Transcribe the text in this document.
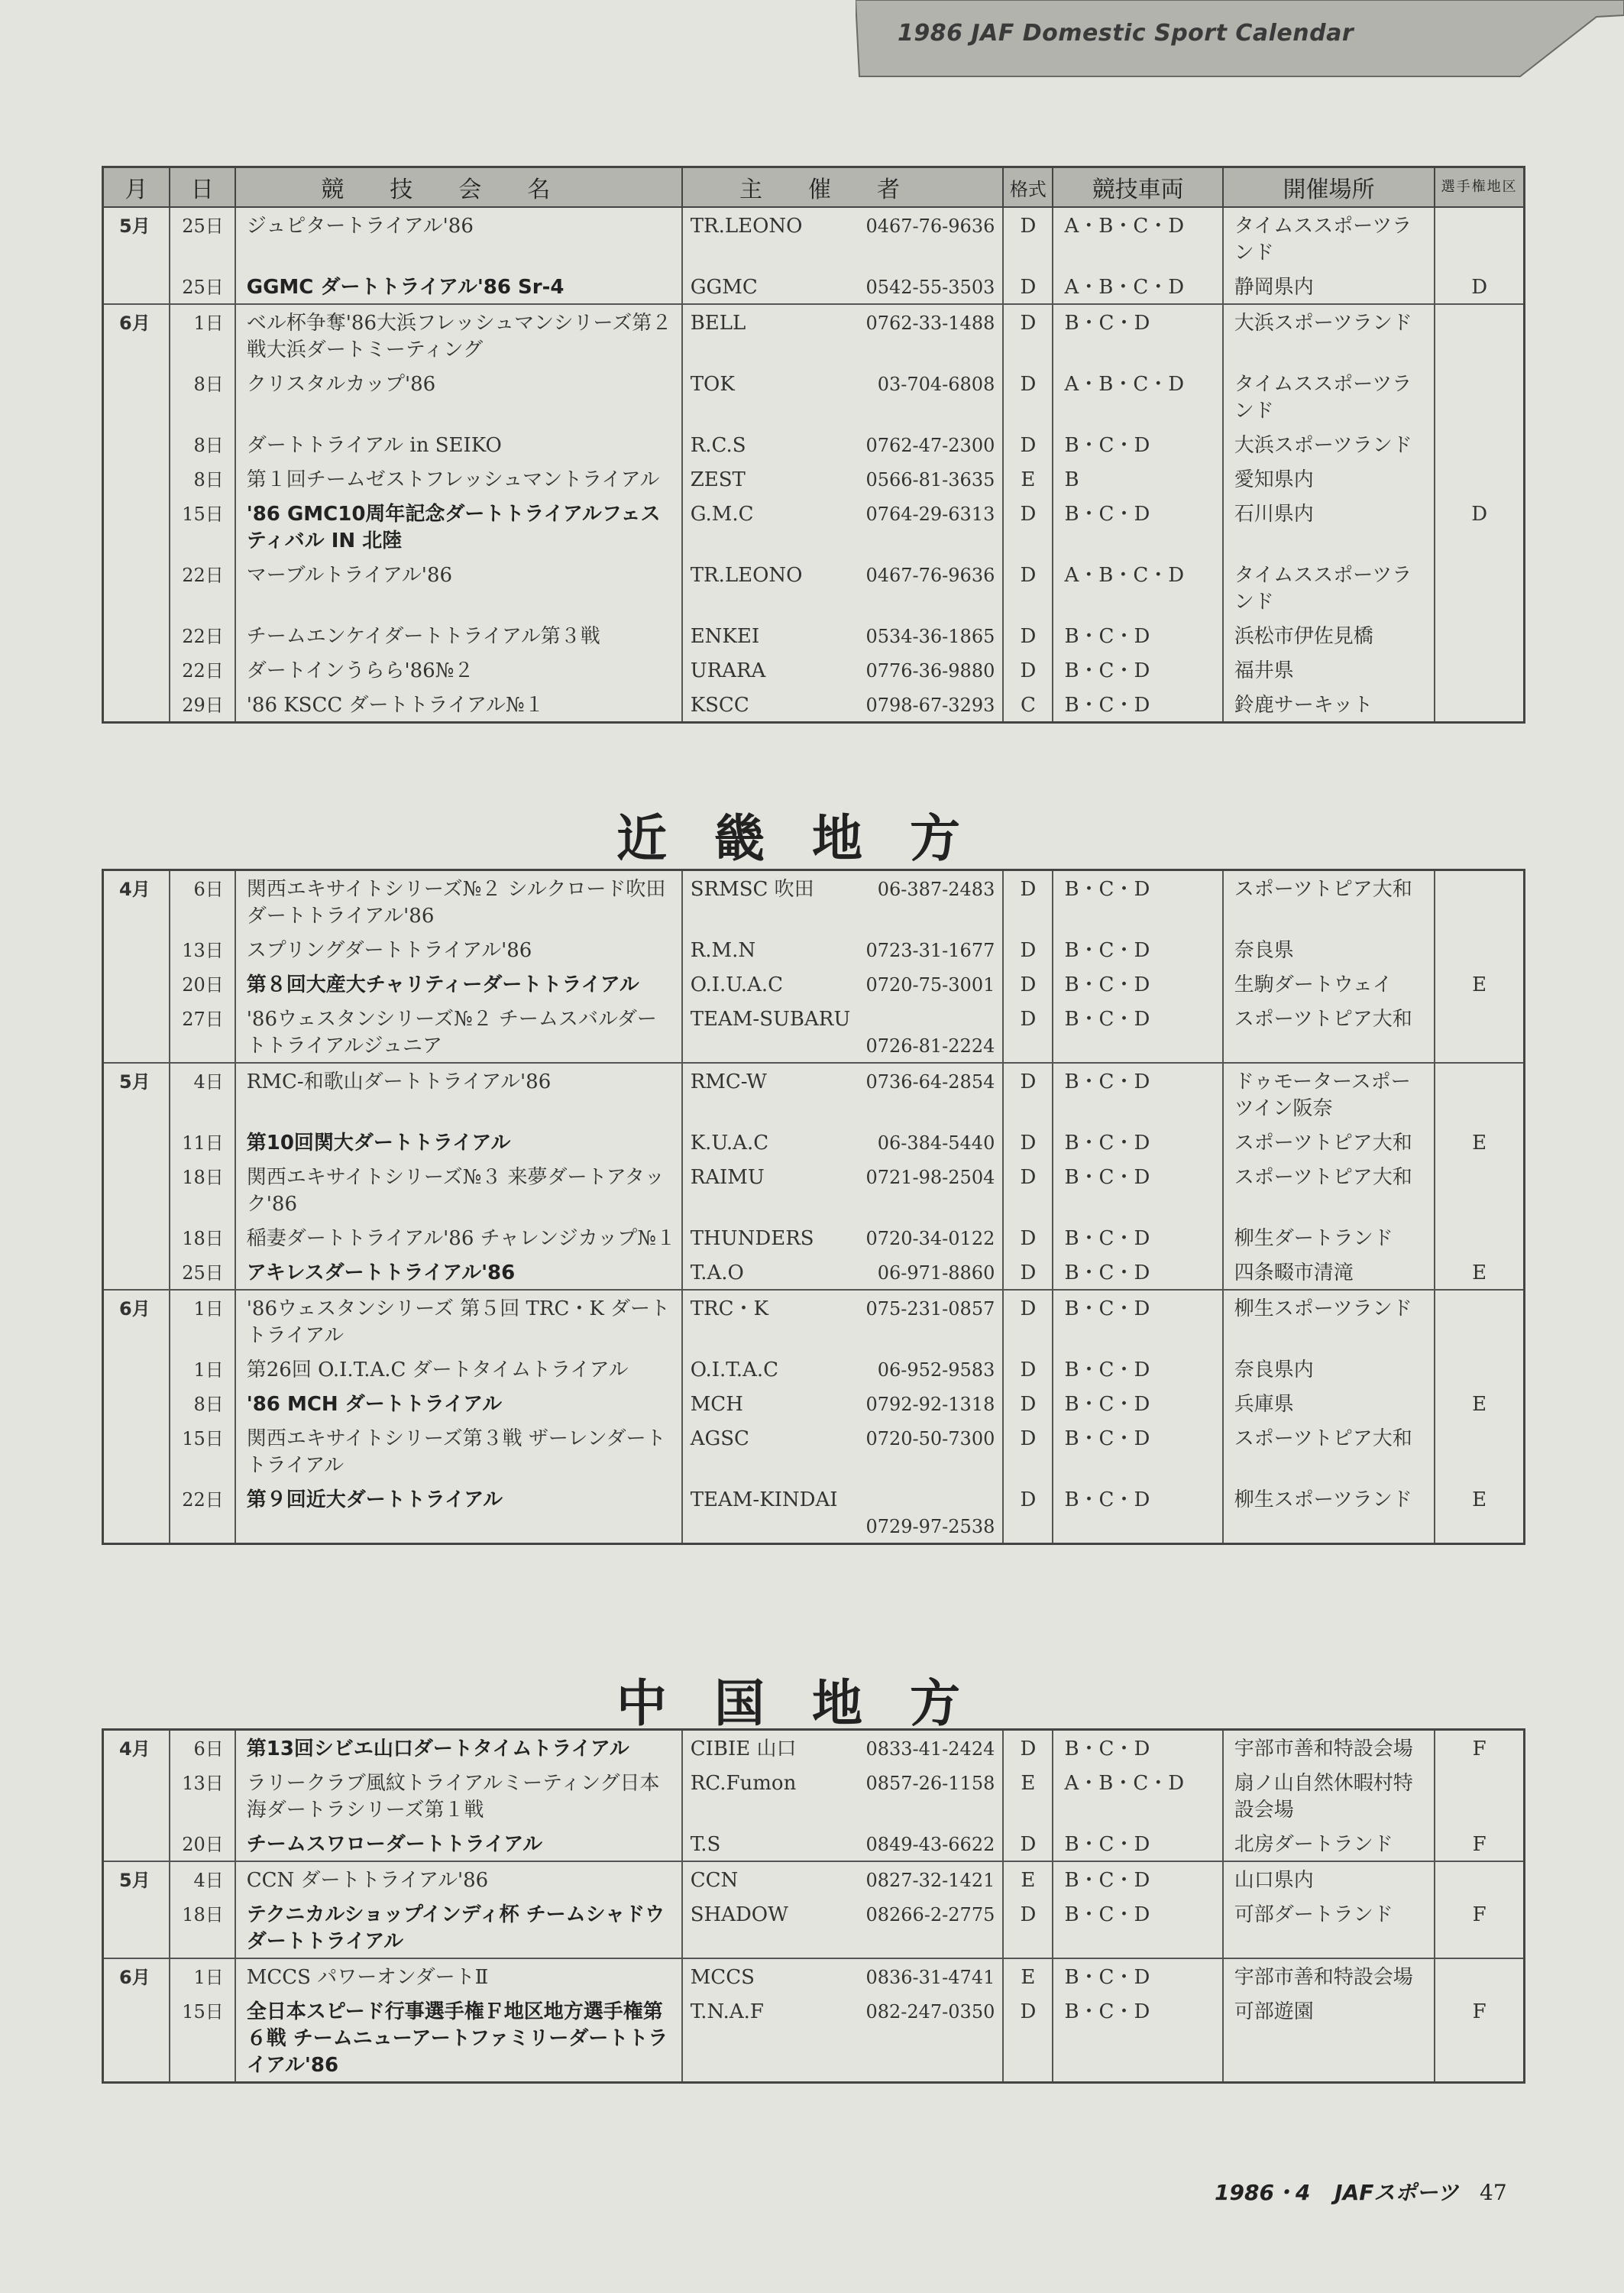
1986 JAF Domestic Sport Calendar
月	日	競技会名	主催者	格式	競技車両	開催場所	選手権地区
5月	25日	ジュピタートライアル'86	TR.LEONO 0467-76-9636	D	A・B・C・D	タイムススポーツランド	
	25日	GGMC ダートトライアル'86 Sr-4	GGMC 0542-55-3503	D	A・B・C・D	静岡県内	D
6月	1日	ベル杯争奪'86大浜フレッシュマンシリーズ第２戦大浜ダートミーティング	BELL 0762-33-1488	D	B・C・D	大浜スポーツランド	
	8日	クリスタルカップ'86	TOK 03-704-6808	D	A・B・C・D	タイムススポーツランド	
	8日	ダートトライアル in SEIKO	R.C.S 0762-47-2300	D	B・C・D	大浜スポーツランド	
	8日	第１回チームゼストフレッシュマントライアル	ZEST 0566-81-3635	E	B	愛知県内	
	15日	'86 GMC10周年記念ダートトライアルフェスティバル IN 北陸	G.M.C 0764-29-6313	D	B・C・D	石川県内	D
	22日	マーブルトライアル'86	TR.LEONO 0467-76-9636	D	A・B・C・D	タイムススポーツランド	
	22日	チームエンケイダートトライアル第３戦	ENKEI 0534-36-1865	D	B・C・D	浜松市伊佐見橋	
	22日	ダートインうらら'86№２	URARA 0776-36-9880	D	B・C・D	福井県	
	29日	'86 KSCC ダートトライアル№１	KSCC 0798-67-3293	C	B・C・D	鈴鹿サーキット	
近畿地方
4月	6日	関西エキサイトシリーズ№２ シルクロード吹田ダートトライアル'86	SRMSC 吹田 06-387-2483	D	B・C・D	スポーツトピア大和	
	13日	スプリングダートトライアル'86	R.M.N 0723-31-1677	D	B・C・D	奈良県	
	20日	第８回大産大チャリティーダートトライアル	O.I.U.A.C 0720-75-3001	D	B・C・D	生駒ダートウェイ	E
	27日	'86ウェスタンシリーズ№２ チームスバルダートトライアルジュニア	TEAM-SUBARU
0726-81-2224	D	B・C・D	スポーツトピア大和	
5月	4日	RMC-和歌山ダートトライアル'86	RMC-W 0736-64-2854	D	B・C・D	ドゥモータースポーツイン阪奈	
	11日	第10回関大ダートトライアル	K.U.A.C 06-384-5440	D	B・C・D	スポーツトピア大和	E
	18日	関西エキサイトシリーズ№３ 来夢ダートアタック'86	RAIMU 0721-98-2504	D	B・C・D	スポーツトピア大和	
	18日	稲妻ダートトライアル'86 チャレンジカップ№１	THUNDERS 0720-34-0122	D	B・C・D	柳生ダートランド	
	25日	アキレスダートトライアル'86	T.A.O 06-971-8860	D	B・C・D	四条畷市清滝	E
6月	1日	'86ウェスタンシリーズ 第５回 TRC・K ダートトライアル	TRC・K 075-231-0857	D	B・C・D	柳生スポーツランド	
	1日	第26回 O.I.T.A.C ダートタイムトライアル	O.I.T.A.C 06-952-9583	D	B・C・D	奈良県内	
	8日	'86 MCH ダートトライアル	MCH 0792-92-1318	D	B・C・D	兵庫県	E
	15日	関西エキサイトシリーズ第３戦 ザーレンダートトライアル	AGSC 0720-50-7300	D	B・C・D	スポーツトピア大和	
	22日	第９回近大ダートトライアル	TEAM-KINDAI
0729-97-2538	D	B・C・D	柳生スポーツランド	E
中国地方
4月	6日	第13回シビエ山口ダートタイムトライアル	CIBIE 山口 0833-41-2424	D	B・C・D	宇部市善和特設会場	F
	13日	ラリークラブ風紋トライアルミーティング日本海ダートラシリーズ第１戦	RC.Fumon 0857-26-1158	E	A・B・C・D	扇ノ山自然休暇村特設会場	
	20日	チームスワローダートトライアル	T.S 0849-43-6622	D	B・C・D	北房ダートランド	F
5月	4日	CCN ダートトライアル'86	CCN 0827-32-1421	E	B・C・D	山口県内	
	18日	テクニカルショップインディ杯 チームシャドウダートトライアル	SHADOW 08266-2-2775	D	B・C・D	可部ダートランド	F
6月	1日	MCCS パワーオンダートⅡ	MCCS 0836-31-4741	E	B・C・D	宇部市善和特設会場	
	15日	全日本スピード行事選手権Ｆ地区地方選手権第６戦 チームニューアートファミリーダートトライアル'86	T.N.A.F 082-247-0350	D	B・C・D	可部遊園	F
1986・4 JAFスポーツ 47
